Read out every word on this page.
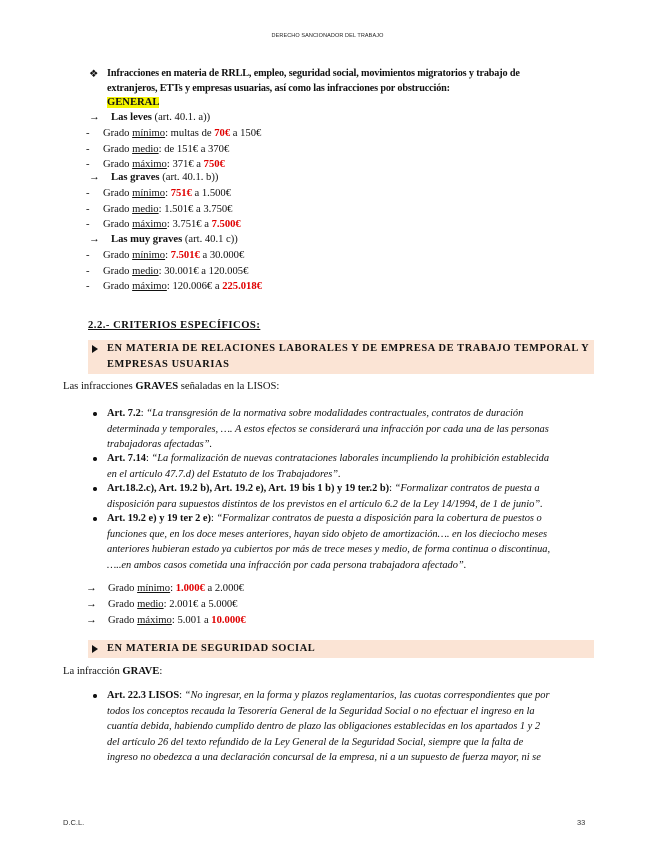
DERECHO SANCIONADOR DEL TRABAJO
❖ Infracciones en materia de RRLL, empleo, seguridad social, movimientos migratorios y trabajo de
extranjeros, ETTs y empresas usuarias, así como las infracciones por obstrucción:
GENERAL
→ Las leves (art. 40.1. a))
- Grado mínimo: multas de 70€ a 150€
- Grado medio: de 151€ a 370€
- Grado máximo: 371€ a 750€
→ Las graves (art. 40.1. b))
- Grado mínimo: 751€ a 1.500€
- Grado medio: 1.501€ a 3.750€
- Grado máximo: 3.751€ a 7.500€
→ Las muy graves (art. 40.1 c))
- Grado mínimo: 7.501€ a 30.000€
- Grado medio: 30.001€ a 120.005€
- Grado máximo: 120.006€ a 225.018€
2.2.- CRITERIOS ESPECÍFICOS:
EN MATERIA DE RELACIONES LABORALES Y DE EMPRESA DE TRABAJO TEMPORAL Y
EMPRESAS USUARIAS
Las infracciones GRAVES señaladas en la LISOS:
Art. 7.2: “La transgresión de la normativa sobre modalidades contractuales, contratos de duración
determinada y temporales, …. A estos efectos se considerará una infracción por cada una de las personas
trabajadoras afectadas”.
Art. 7.14: “La formalización de nuevas contrataciones laborales incumpliendo la prohibición establecida
en el artículo 47.7.d) del Estatuto de los Trabajadores”.
Art.18.2.c), Art. 19.2 b), Art. 19.2 e), Art. 19 bis 1 b) y 19 ter.2 b): “Formalizar contratos de puesta a
disposición para supuestos distintos de los previstos en el artículo 6.2 de la Ley 14/1994, de 1 de junio”.
Art. 19.2 e) y 19 ter 2 e): “Formalizar contratos de puesta a disposición para la cobertura de puestos o
funciones que, en los doce meses anteriores, hayan sido objeto de amortización…. en los dieciocho meses
anteriores hubieran estado ya cubiertos por más de trece meses y medio, de forma continua o discontinua,
…..en ambos casos cometida una infracción por cada persona trabajadora afectado”.
→ Grado mínimo: 1.000€ a 2.000€
→ Grado medio: 2.001€ a 5.000€
→ Grado máximo: 5.001 a 10.000€
EN MATERIA DE SEGURIDAD SOCIAL
La infracción GRAVE:
Art. 22.3 LISOS: “No ingresar, en la forma y plazos reglamentarios, las cuotas correspondientes que por
todos los conceptos recauda la Tesorería General de la Seguridad Social o no efectuar el ingreso en la
cuantía debida, habiendo cumplido dentro de plazo las obligaciones establecidas en los apartados 1 y 2
del artículo 26 del texto refundido de la Ley General de la Seguridad Social, siempre que la falta de
ingreso no obedezca a una declaración concursal de la empresa, ni a un supuesto de fuerza mayor, ni se
D.C.L.	33
